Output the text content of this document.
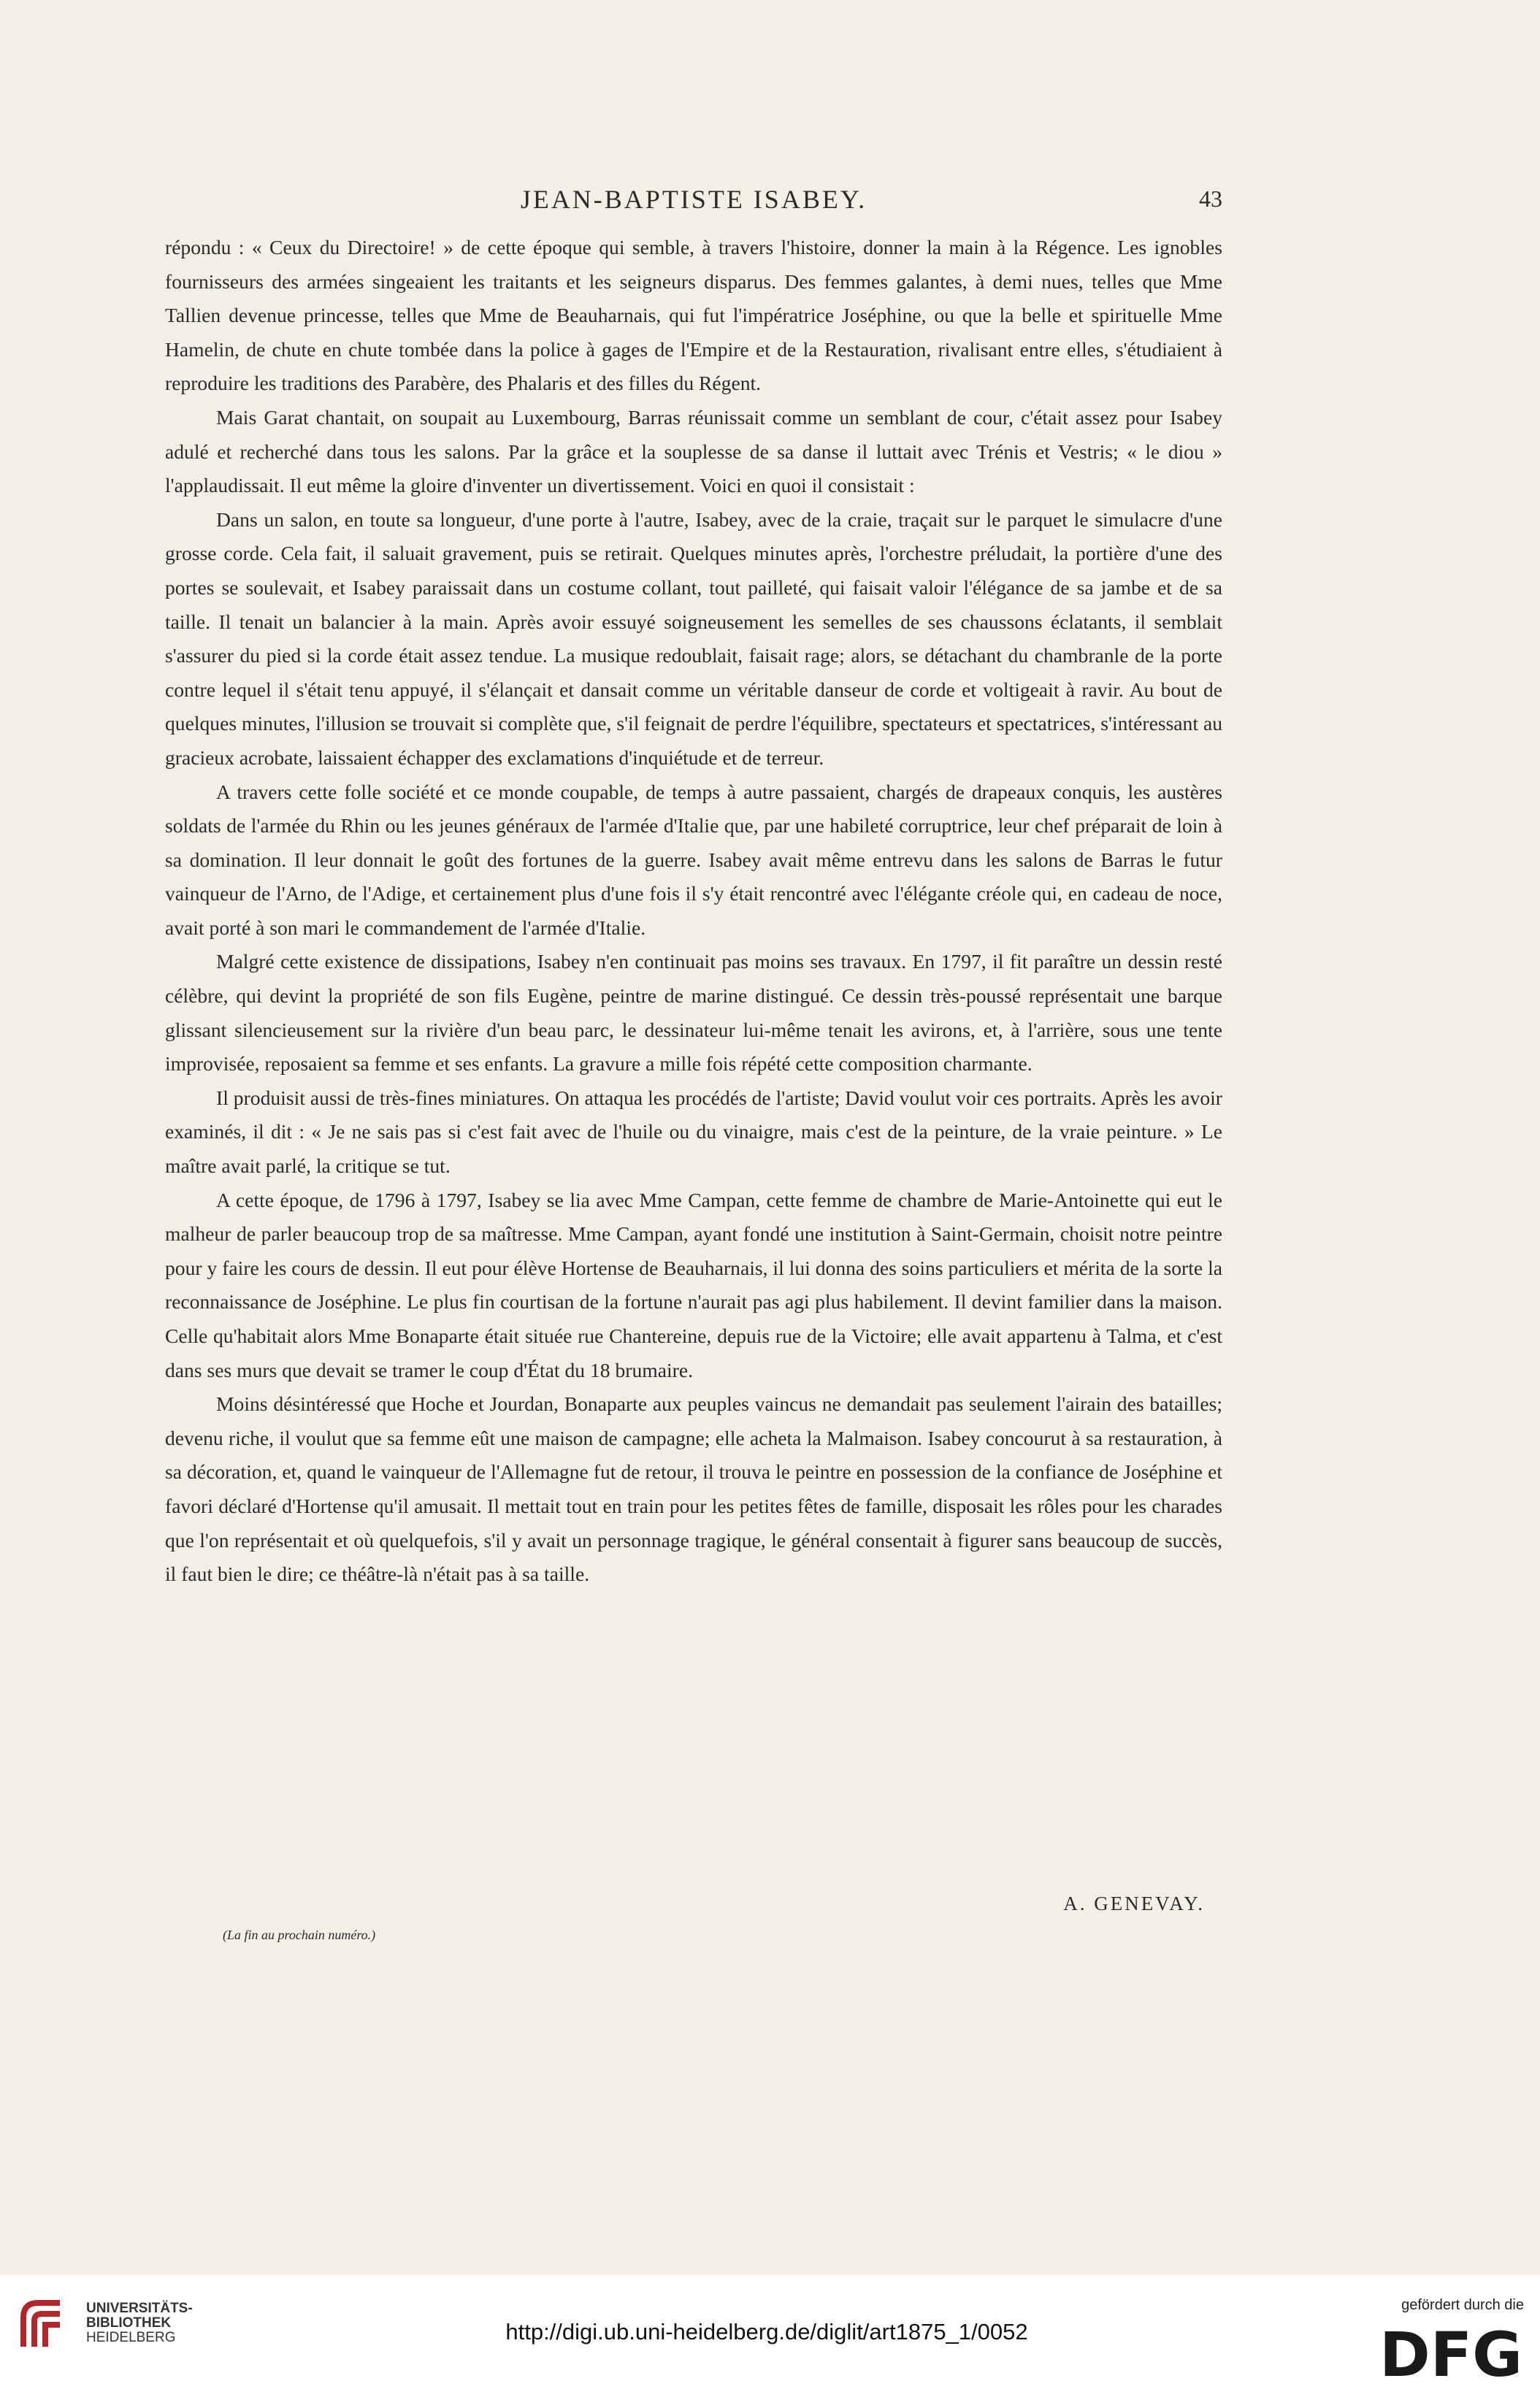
JEAN-BAPTISTE ISABEY.	43

répondu : « Ceux du Directoire! » de cette époque qui semble, à travers l'histoire, donner la main à la Régence. Les ignobles fournisseurs des armées singeaient les traitants et les seigneurs disparus. Des femmes galantes, à demi nues, telles que Mme Tallien devenue princesse, telles que Mme de Beauharnais, qui fut l'impératrice Joséphine, ou que la belle et spirituelle Mme Hamelin, de chute en chute tombée dans la police à gages de l'Empire et de la Restauration, rivalisant entre elles, s'étudiaient à reproduire les traditions des Parabère, des Phalaris et des filles du Régent.

Mais Garat chantait, on soupait au Luxembourg, Barras réunissait comme un semblant de cour, c'était assez pour Isabey adulé et recherché dans tous les salons. Par la grâce et la souplesse de sa danse il luttait avec Trénis et Vestris; « le diou » l'applaudissait. Il eut même la gloire d'inventer un divertissement. Voici en quoi il consistait :

Dans un salon, en toute sa longueur, d'une porte à l'autre, Isabey, avec de la craie, traçait sur le parquet le simulacre d'une grosse corde. Cela fait, il saluait gravement, puis se retirait. Quelques minutes après, l'orchestre préludait, la portière d'une des portes se soulevait, et Isabey paraissait dans un costume collant, tout pailleté, qui faisait valoir l'élégance de sa jambe et de sa taille. Il tenait un balancier à la main. Après avoir essuyé soigneusement les semelles de ses chaussons éclatants, il semblait s'assurer du pied si la corde était assez tendue. La musique redoublait, faisait rage; alors, se détachant du chambranle de la porte contre lequel il s'était tenu appuyé, il s'élançait et dansait comme un véritable danseur de corde et voltigeait à ravir. Au bout de quelques minutes, l'illusion se trouvait si complète que, s'il feignait de perdre l'équilibre, spectateurs et spectatrices, s'intéressant au gracieux acrobate, laissaient échapper des exclamations d'inquiétude et de terreur.

A travers cette folle société et ce monde coupable, de temps à autre passaient, chargés de drapeaux conquis, les austères soldats de l'armée du Rhin ou les jeunes généraux de l'armée d'Italie que, par une habileté corruptrice, leur chef préparait de loin à sa domination. Il leur donnait le goût des fortunes de la guerre. Isabey avait même entrevu dans les salons de Barras le futur vainqueur de l'Arno, de l'Adige, et certainement plus d'une fois il s'y était rencontré avec l'élégante créole qui, en cadeau de noce, avait porté à son mari le commandement de l'armée d'Italie.

Malgré cette existence de dissipations, Isabey n'en continuait pas moins ses travaux. En 1797, il fit paraître un dessin resté célèbre, qui devint la propriété de son fils Eugène, peintre de marine distingué. Ce dessin très-poussé représentait une barque glissant silencieusement sur la rivière d'un beau parc, le dessinateur lui-même tenait les avirons, et, à l'arrière, sous une tente improvisée, reposaient sa femme et ses enfants. La gravure a mille fois répété cette composition charmante.

Il produisit aussi de très-fines miniatures. On attaqua les procédés de l'artiste; David voulut voir ces portraits. Après les avoir examinés, il dit : « Je ne sais pas si c'est fait avec de l'huile ou du vinaigre, mais c'est de la peinture, de la vraie peinture. » Le maître avait parlé, la critique se tut.

A cette époque, de 1796 à 1797, Isabey se lia avec Mme Campan, cette femme de chambre de Marie-Antoinette qui eut le malheur de parler beaucoup trop de sa maîtresse. Mme Campan, ayant fondé une institution à Saint-Germain, choisit notre peintre pour y faire les cours de dessin. Il eut pour élève Hortense de Beauharnais, il lui donna des soins particuliers et mérita de la sorte la reconnaissance de Joséphine. Le plus fin courtisan de la fortune n'aurait pas agi plus habilement. Il devint familier dans la maison. Celle qu'habitait alors Mme Bonaparte était située rue Chantereine, depuis rue de la Victoire; elle avait appartenu à Talma, et c'est dans ses murs que devait se tramer le coup d'État du 18 brumaire.

Moins désintéressé que Hoche et Jourdan, Bonaparte aux peuples vaincus ne demandait pas seulement l'airain des batailles; devenu riche, il voulut que sa femme eût une maison de campagne; elle acheta la Malmaison. Isabey concourut à sa restauration, à sa décoration, et, quand le vainqueur de l'Allemagne fut de retour, il trouva le peintre en possession de la confiance de Joséphine et favori déclaré d'Hortense qu'il amusait. Il mettait tout en train pour les petites fêtes de famille, disposait les rôles pour les charades que l'on représentait et où quelquefois, s'il y avait un personnage tragique, le général consentait à figurer sans beaucoup de succès, il faut bien le dire; ce théâtre-là n'était pas à sa taille.

A. GENEVAY.
(La fin au prochain numéro.)
UNIVERSITÄTS-
BIBLIOTHEK
HEIDELBERG	http://digi.ub.uni-heidelberg.de/diglit/art1875_1/0052
gefördert durch die
DFG
